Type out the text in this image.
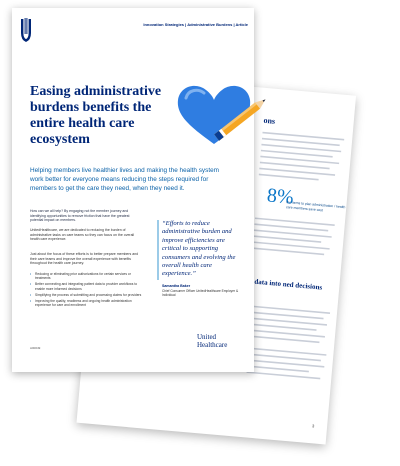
ons
8%
the items to plan administration / health care members save cost
data into ned decisions
3
Innovation Strategies | Administrative Burdens | Article
Easing administrative burdens benefits the entire health care ecosystem

Helping members live healthier lives and making the health system work better for everyone means reducing the steps required for members to get the care they need, when they need it.

How can we all help? By engaging not the member journey and identifying opportunities to remove friction that have the greatest potential impact on members.

UnitedHealthcare, we are dedicated to reducing the burden of administrative tasks on care teams so they can focus on the overall health care experience.

Just about the focus of these efforts is to better prepare members and their care teams and improve the overall experience with benefits throughout the health care journey.

• Reducing or eliminating prior authorizations for certain services or treatments
• Better connecting and integrating patient data to provider workflows to enable more informed decisions
• Simplifying the process of submitting and processing claims for providers
• Improving the quality, readiness and ongoing health administration experience for care and enrollment

“Efforts to reduce administrative burden and improve efficiencies are critical to supporting consumers and evolving the overall health care experience.”

Samantha Baker
Chief Consumer Officer UnitedHealthcare Employer & Individual
United
Healthcare
A00049
